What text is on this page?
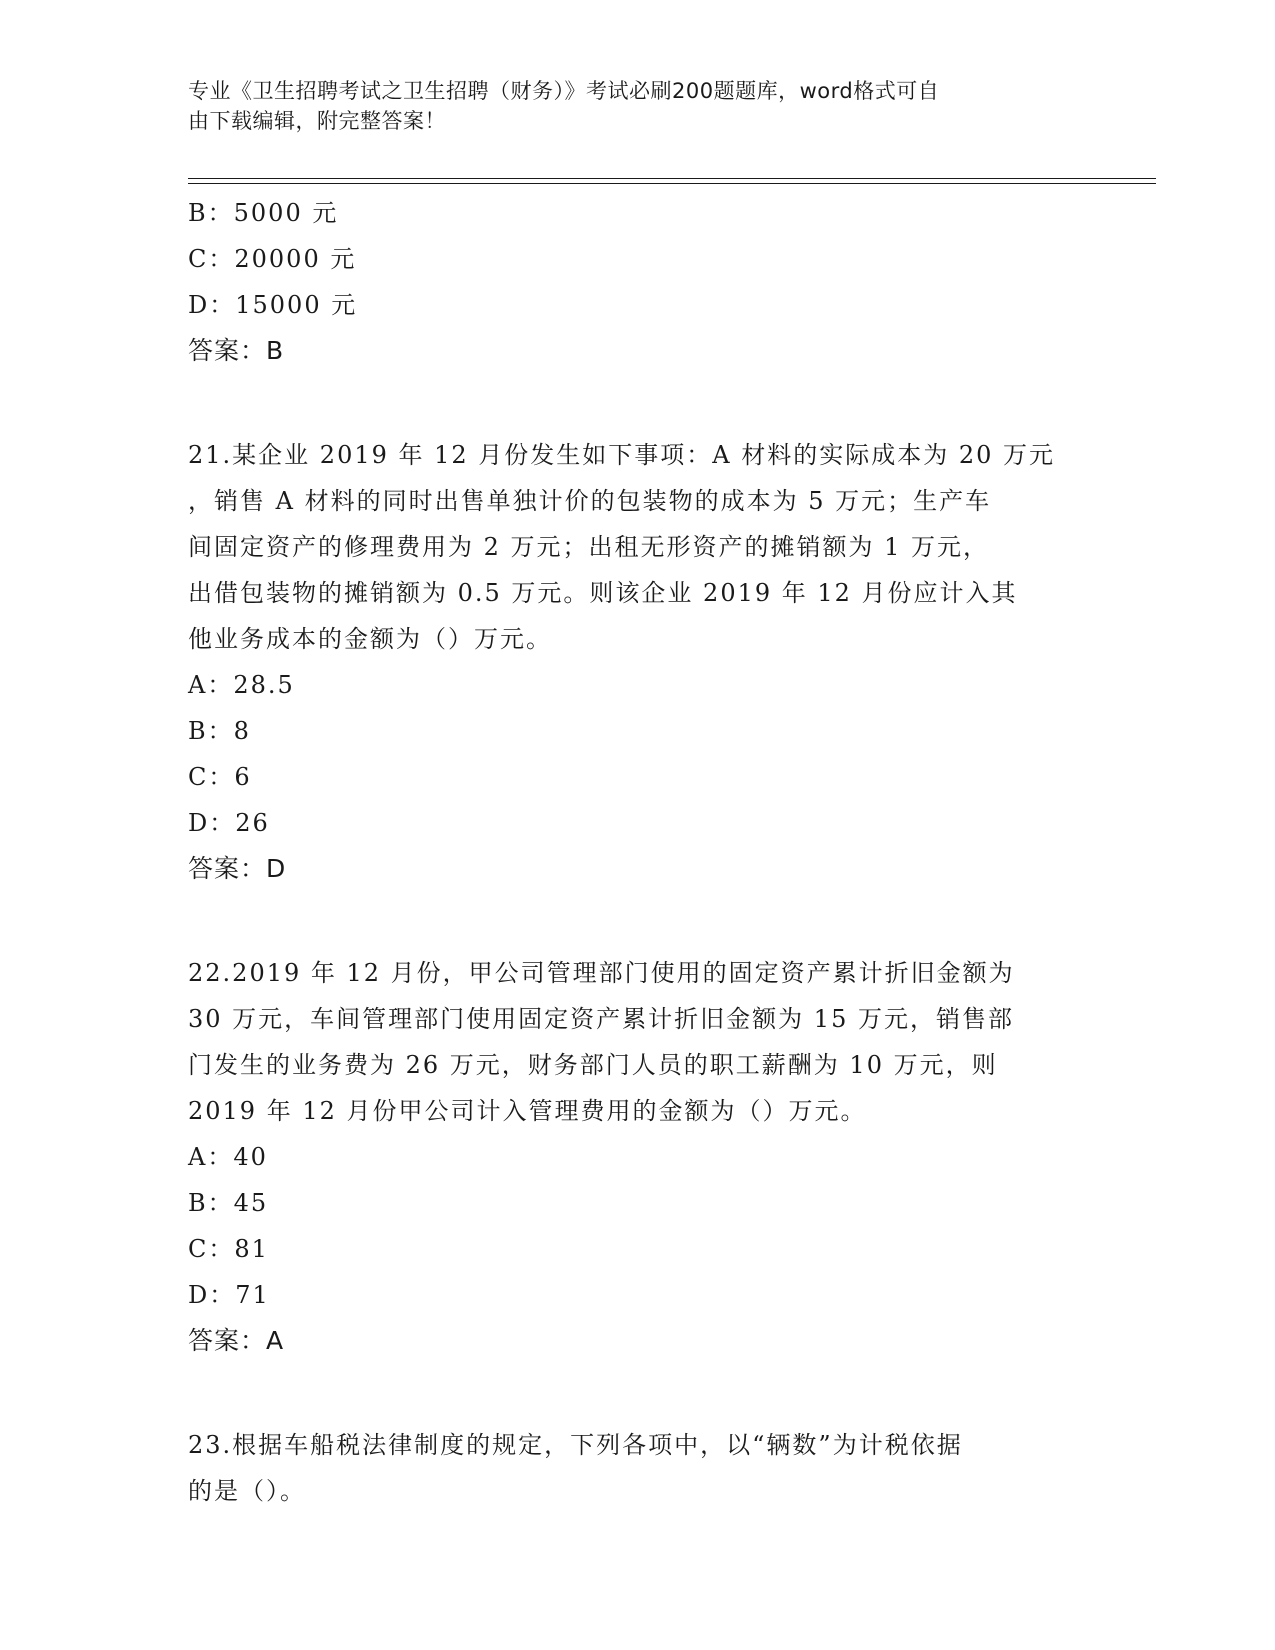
专业《卫生招聘考试之卫生招聘（财务）》考试必刷200题题库，word格式可自
由下载编辑，附完整答案！
B：5000 元
C：20000 元
D：15000 元
答案：B
21.某企业 2019 年 12 月份发生如下事项：A 材料的实际成本为 20 万元
，销售 A 材料的同时出售单独计价的包装物的成本为 5 万元；生产车
间固定资产的修理费用为 2 万元；出租无形资产的摊销额为 1 万元，
出借包装物的摊销额为 0.5 万元。则该企业 2019 年 12 月份应计入其
他业务成本的金额为（）万元。
A：28.5
B：8
C：6
D：26
答案：D
22.2019 年 12 月份，甲公司管理部门使用的固定资产累计折旧金额为
30 万元，车间管理部门使用固定资产累计折旧金额为 15 万元，销售部
门发生的业务费为 26 万元，财务部门人员的职工薪酬为 10 万元，则
2019 年 12 月份甲公司计入管理费用的金额为（）万元。
A：40
B：45
C：81
D：71
答案：A
23.根据车船税法律制度的规定，下列各项中，以“辆数”为计税依据
的是（）。
